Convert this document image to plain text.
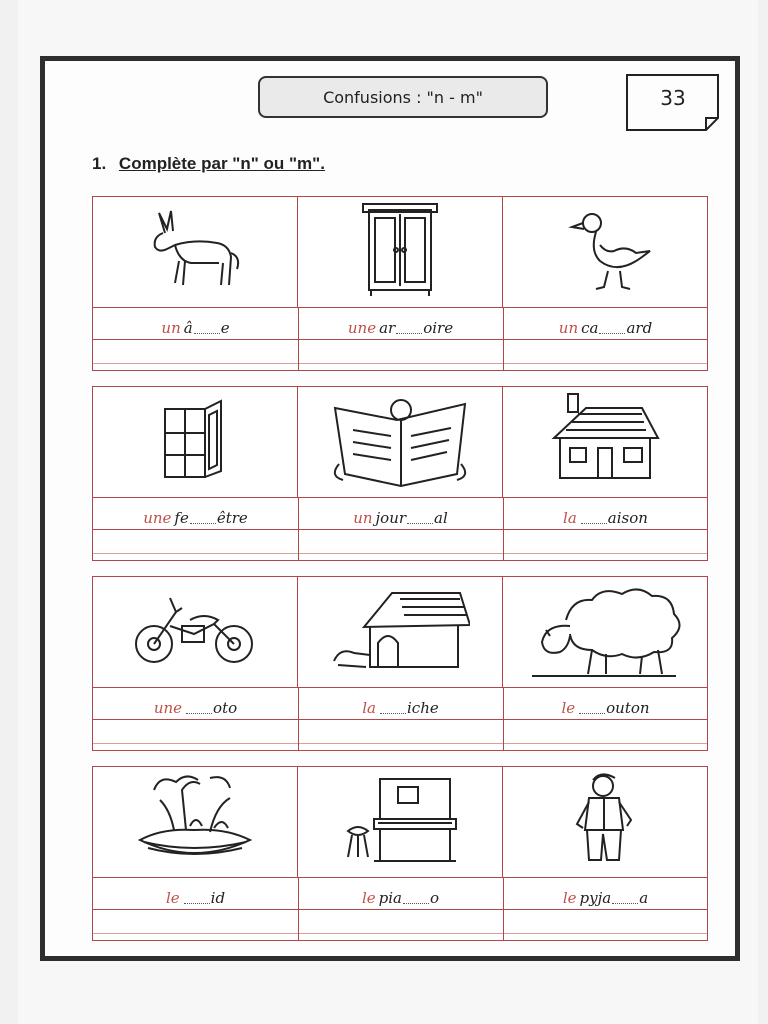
Confusions : "n - m"	33
1. Complète par "n" ou "m".
un â e	une ar oire	un ca ard
une fe être	un jour al	la aison
une oto	la iche	le outon
le id	le pia o	le pyja a
